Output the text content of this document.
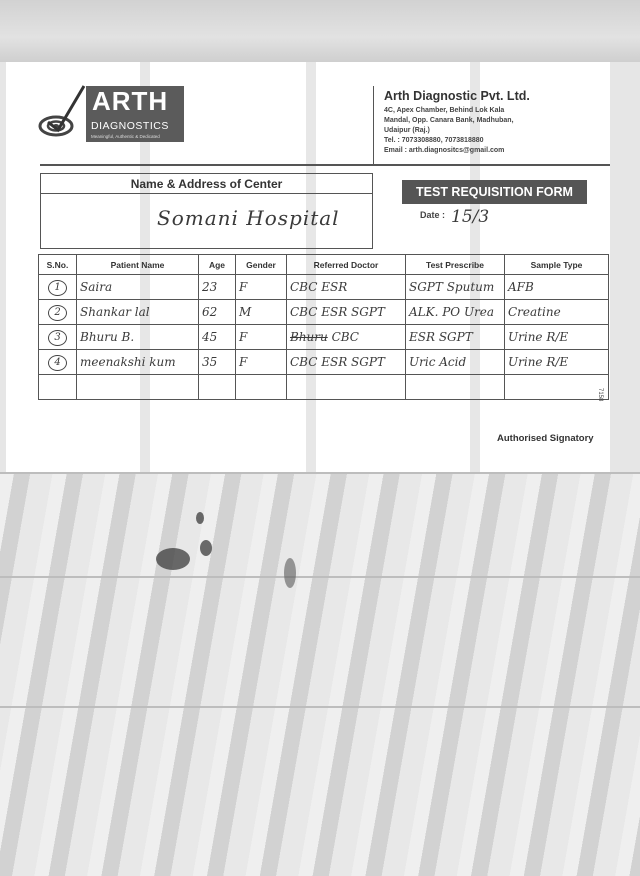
ARTH
DIAGNOSTICS
Meaningful, Authentic & Dedicated
Arth Diagnostic Pvt. Ltd.
4C, Apex Chamber, Behind Lok Kala
Mandal, Opp. Canara Bank, Madhuban,
Udaipur (Raj.)
Tel. : 7073308880, 7073818880
Email : arth.diagnositcs@gmail.com
Name & Address of Center
Somani Hospital
TEST REQUISITION FORM
Date : 15/3
S.No.	Patient Name	Age	Gender	Referred Doctor	Test Prescribe	Sample Type
1	Saira	23	F	CBC ESR	SGPT Sputum	AFB
2	Shankar lal	62	M	CBC ESR SGPT	ALK. PO Urea	Creatine
3	Bhuru B.	45	F	Bhuru CBC	ESR SGPT	Urine R/E
4	meenakshi kum	35	F	CBC ESR SGPT	Uric Acid	Urine R/E

7158
Authorised Signatory
